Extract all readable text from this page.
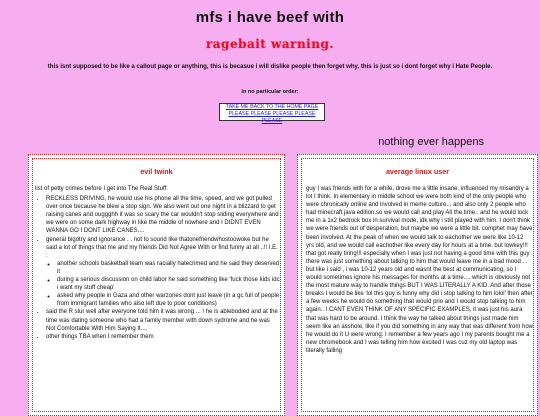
mfs i have beef with
ragebait warning.
this isnt supposed to be like a callout page or anything, this is becasue i will dislike people then forget why, this is just so i dont forget why i Hate People.
in no particular order:
TAKE ME BACK TO THE HOME PAGE
PLEASE PLEASE PLEASE PLEASE PLEASE
nothing ever happens
evil twink

list of petty crimes before I get into The Real Stuff:

• RECKLESS DRIVING, he would use his phone all the time, speed, and we got pulled over once because he blew a stop sign. We also went out one night in a blizzard to get raising canes and ouggghh it was so scary the car wouldn't stop sliding everywhere and we were on some dark highway in like the middle of nowhere and I DIDNT EVEN WANNA GO I DONT LIKE CANES....
• general bigotry and ignorance . . not to sound like thatonefriendwhostoowoke but he said a lot of things that me and my friends Did Not Agree With or find funny at all ..!! I.E. :
◦ another schools basketball team was racially hatecrimed and he said they deserved it
◦ during a serious discussion on child labor he said something like 'fuck those kids idc i want my stuff cheap'
◦ asked why people in Gaza and other warzones dont just leave (in a gc full of people from immigrant families who also left due to poor conditions)
• said the R slur well after everyone told him it was wrong ... ! he is ablebodied and at the time was dating someone who had a family member with down sydrome and he was Not Comfortable With Him Saying It....
• other things TBA when I remember them
average linux user

guy I was friends with for a while. drove me a little insane. influenced my misandry a lot I think. In elementary in middle school we were both kind of the only people who were chronically online and involved in meme culture... and also only 2 people who had minecraft java edition.so we would call and play All the time.. and he would lock me in a 1x2 bedrock box in survival mode, idk why i still played with him. I don't think we were friends out of desperation, but maybe we were a little bit. comphet may have been involved. At the peak of when we would talk to eachother we were like 10-12 yrs old, and we would call eachother like every day for hours at a time. but lowkey!!! that got really tiring!!! especially when I was just not having a good time with this guy . there was just something about talking to him that would leave me in a bad mood . . but like i said , i was 10-12 years old and wasnt the best at communicating, so I would sometimes ignore his messages for months at a time.... which is obviously not the most mature way to handle things BUT I WAS LITERALLY A KID. And after those breaks I would be like 'lol this guy is funny why did i stop talking to him lolol' then after a few weeks he would do something that would prio and I would stop talking to him again.. I CANT EVEN THINK OF ANY SPECIFIC EXAMPLES, it was just his aura that was hard to be around. I think the way he talked about things just made him seem like an asshole, like if you did something in any way that was different from how he would do it U were wrong. I remember a few years ago I my parents bought me a new chromebook and I was telling him how excited I was cuz my old laptop was literally falling
